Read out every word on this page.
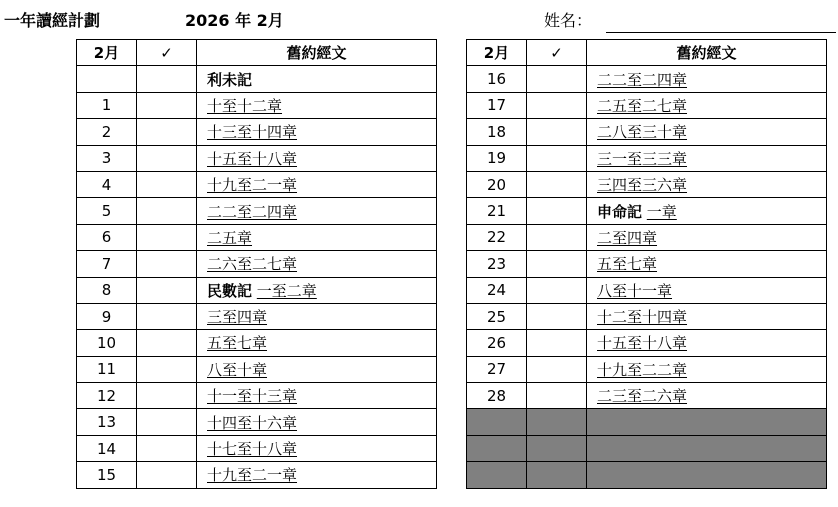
一年讀經計劃	2026 年 2月	姓名：
2月	✓	舊約經文	
		利未記	
1		十至十二章	
2		十三至十四章	
3		十五至十八章	
4		十九至二一章	
5		二二至二四章	
6		二五章	
7		二六至二七章	
8		民數記 一至二章	
9		三至四章	
10		五至七章	
11		八至十章	
12		十一至十三章	
13		十四至十六章	
14		十七至十八章	
15		十九至二一章	
2月	✓	舊約經文
16		二二至二四章
17		二五至二七章
18		二八至三十章
19		三一至三三章
20		三四至三六章
21		申命記 一章
22		二至四章
23		五至七章
24		八至十一章
25		十二至十四章
26		十五至十八章
27		十九至二二章
28		二三至二六章
